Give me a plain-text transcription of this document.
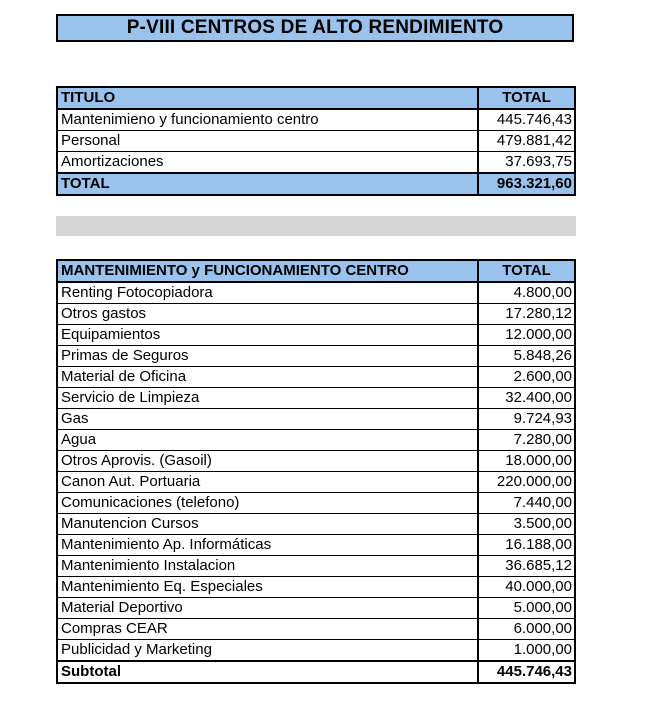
P-VIII CENTROS DE ALTO RENDIMIENTO
TITULO	TOTAL
Mantenimieno y funcionamiento centro	445.746,43
Personal	479.881,42
Amortizaciones	37.693,75
TOTAL	963.321,60
MANTENIMIENTO y FUNCIONAMIENTO CENTRO	TOTAL
Renting Fotocopiadora	4.800,00
Otros gastos	17.280,12
Equipamientos	12.000,00
Primas de Seguros	5.848,26
Material de Oficina	2.600,00
Servicio de Limpieza	32.400,00
Gas	9.724,93
Agua	7.280,00
Otros Aprovis. (Gasoil)	18.000,00
Canon Aut. Portuaria	220.000,00
Comunicaciones (telefono)	7.440,00
Manutencion Cursos	3.500,00
Mantenimiento Ap. Informáticas	16.188,00
Mantenimiento Instalacion	36.685,12
Mantenimiento Eq. Especiales	40.000,00
Material Deportivo	5.000,00
Compras CEAR	6.000,00
Publicidad y Marketing	1.000,00
Subtotal	445.746,43
